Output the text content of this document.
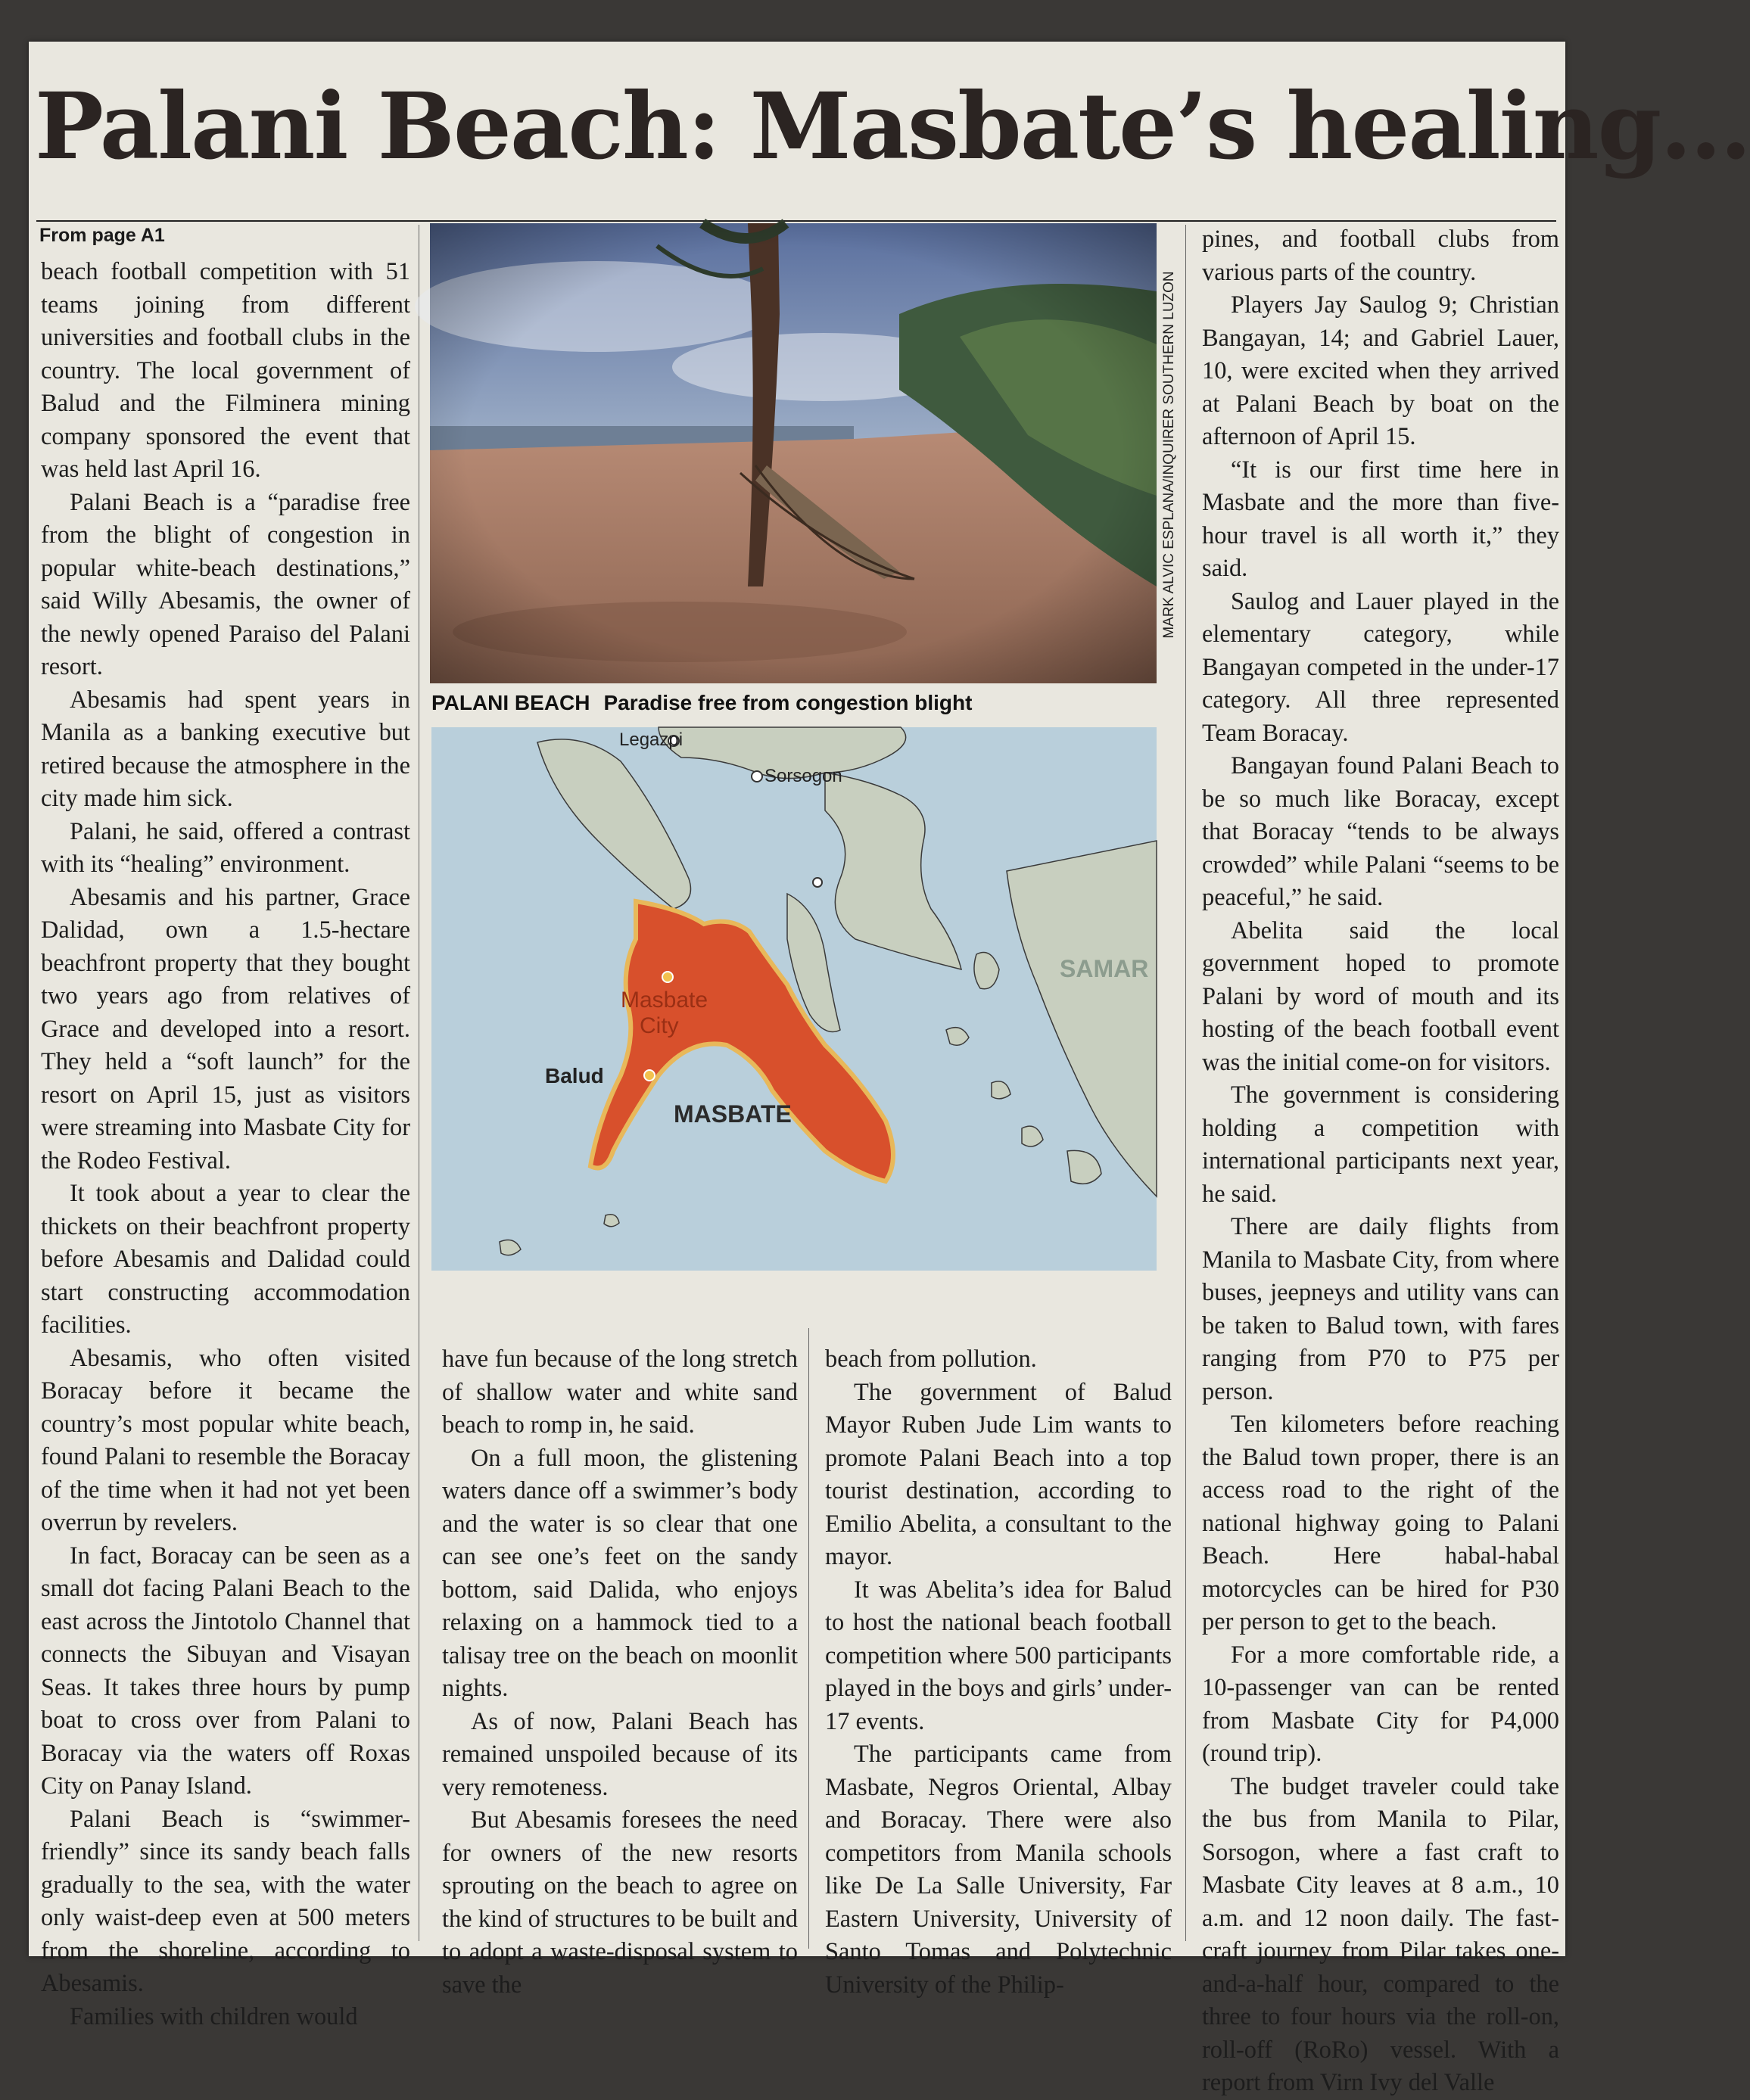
Palani Beach: Masbate’s healing…
From page A1

beach football competition with 51 teams joining from different universities and football clubs in the country. The local government of Balud and the Filminera mining company sponsored the event that was held last April 16.

Palani Beach is a “paradise free from the blight of congestion in popular white-beach destinations,” said Willy Abesamis, the owner of the newly opened Paraiso del Palani resort.

Abesamis had spent years in Manila as a banking executive but retired because the atmosphere in the city made him sick.

Palani, he said, offered a contrast with its “healing” environment.

Abesamis and his partner, Grace Dalidad, own a 1.5-hectare beachfront property that they bought two years ago from relatives of Grace and developed into a resort. They held a “soft launch” for the resort on April 15, just as visitors were streaming into Masbate City for the Rodeo Festival.

It took about a year to clear the thickets on their beachfront property before Abesamis and Dalidad could start constructing accommodation facilities.

Abesamis, who often visited Boracay before it became the country’s most popular white beach, found Palani to resemble the Boracay of the time when it had not yet been overrun by revelers.

In fact, Boracay can be seen as a small dot facing Palani Beach to the east across the Jintotolo Channel that connects the Sibuyan and Visayan Seas. It takes three hours by pump boat to cross over from Palani to Boracay via the waters off Roxas City on Panay Island.

Palani Beach is “swimmer-friendly” since its sandy beach falls gradually to the sea, with the water only waist-deep even at 500 meters from the shoreline, according to Abesamis.

Families with children would

MARK ALVIC ESPLANA/INQUIRER SOUTHERN LUZON
PALANI BEACH Paradise free from congestion blight
Legazpi
Sorsogon
SAMAR
Masbate
City
Balud
MASBATE

have fun because of the long stretch of shallow water and white sand beach to romp in, he said.

On a full moon, the glistening waters dance off a swimmer’s body and the water is so clear that one can see one’s feet on the sandy bottom, said Dalida, who enjoys relaxing on a hammock tied to a talisay tree on the beach on moonlit nights.

As of now, Palani Beach has remained unspoiled because of its very remoteness.

But Abesamis foresees the need for owners of the new resorts sprouting on the beach to agree on the kind of structures to be built and to adopt a waste-disposal system to save the

beach from pollution.

The government of Balud Mayor Ruben Jude Lim wants to promote Palani Beach into a top tourist destination, according to Emilio Abelita, a consultant to the mayor.

It was Abelita’s idea for Balud to host the national beach football competition where 500 participants played in the boys and girls’ under-17 events.

The participants came from Masbate, Negros Oriental, Albay and Boracay. There were also competitors from Manila schools like De La Salle University, Far Eastern University, University of Santo Tomas and Polytechnic University of the Philip-

pines, and football clubs from various parts of the country.

Players Jay Saulog 9; Christian Bangayan, 14; and Gabriel Lauer, 10, were excited when they arrived at Palani Beach by boat on the afternoon of April 15.

“It is our first time here in Masbate and the more than five-hour travel is all worth it,” they said.

Saulog and Lauer played in the elementary category, while Bangayan competed in the under-17 category. All three represented Team Boracay.

Bangayan found Palani Beach to be so much like Boracay, except that Boracay “tends to be always crowded” while Palani “seems to be peaceful,” he said.

Abelita said the local government hoped to promote Palani by word of mouth and its hosting of the beach football event was the initial come-on for visitors.

The government is considering holding a competition with international participants next year, he said.

There are daily flights from Manila to Masbate City, from where buses, jeepneys and utility vans can be taken to Balud town, with fares ranging from P70 to P75 per person.

Ten kilometers before reaching the Balud town proper, there is an access road to the right of the national highway going to Palani Beach. Here habal-habal motorcycles can be hired for P30 per person to get to the beach.

For a more comfortable ride, a 10-passenger van can be rented from Masbate City for P4,000 (round trip).

The budget traveler could take the bus from Manila to Pilar, Sorsogon, where a fast craft to Masbate City leaves at 8 a.m., 10 a.m. and 12 noon daily. The fast-craft journey from Pilar takes one-and-a-half hour, compared to the three to four hours via the roll-on, roll-off (RoRo) vessel. With a report from Virn Ivy del Valle
